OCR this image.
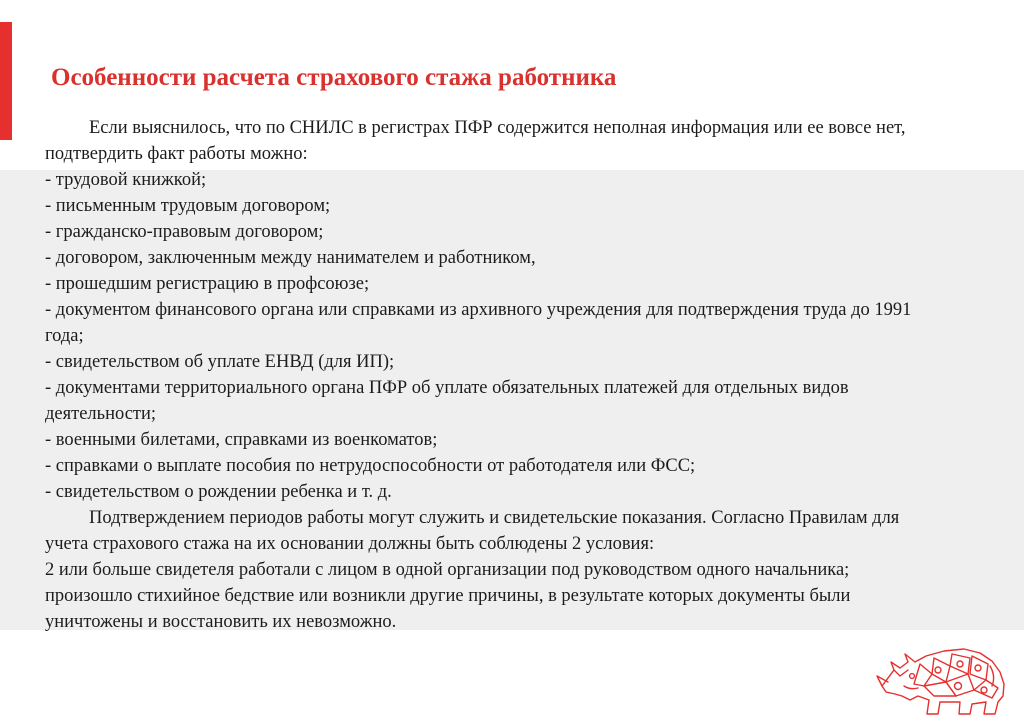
Особенности расчета страхового стажа работника

Если выяснилось, что по СНИЛС в регистрах ПФР содержится неполная информация или ее вовсе нет, подтвердить факт работы можно:

- трудовой книжкой;

- письменным трудовым договором;

- гражданско-правовым договором;

- договором, заключенным между нанимателем и работником,

- прошедшим регистрацию в профсоюзе;

- документом финансового органа или справками из архивного учреждения для подтверждения труда до 1991 года;

- свидетельством об уплате ЕНВД (для ИП);

- документами территориального органа ПФР об уплате обязательных платежей для отдельных видов деятельности;

- военными билетами, справками из военкоматов;

- справками о выплате пособия по нетрудоспособности от работодателя или ФСС;

- свидетельством о рождении ребенка и т. д.

Подтверждением периодов работы могут служить и свидетельские показания. Согласно Правилам для учета страхового стажа на их основании должны быть соблюдены 2 условия:

2 или больше свидетеля работали с лицом в одной организации под руководством одного начальника;

произошло стихийное бедствие или возникли другие причины, в результате которых документы были уничтожены и восстановить их невозможно.
